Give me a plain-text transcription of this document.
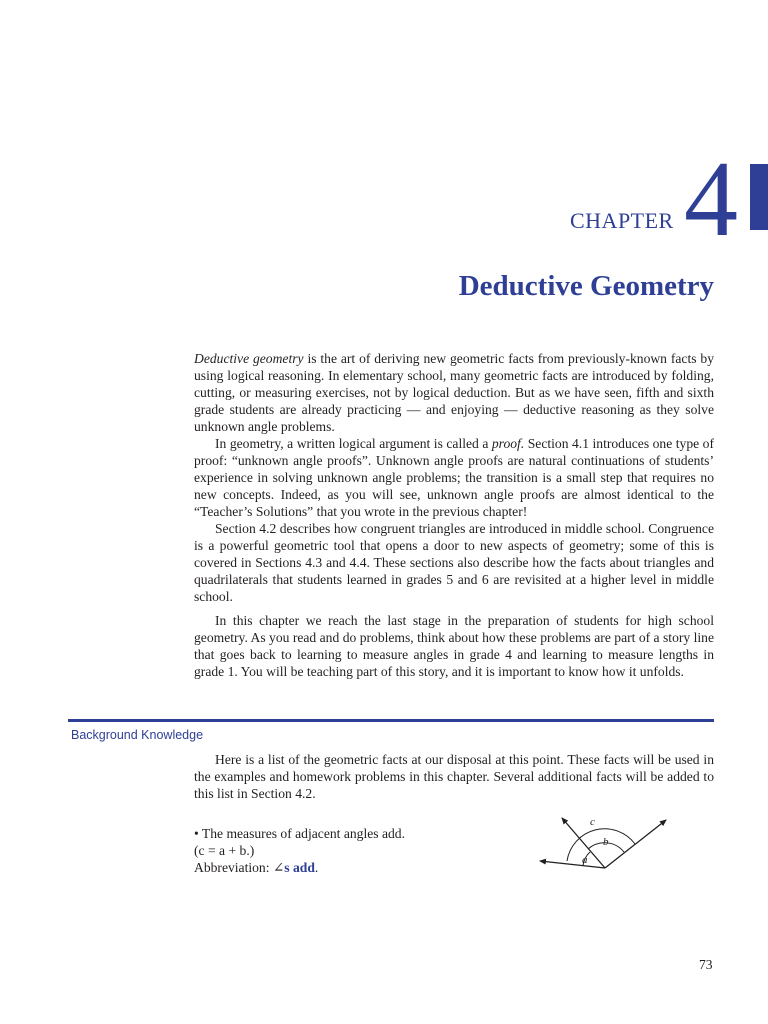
CHAPTER 4
Deductive Geometry

Deductive geometry is the art of deriving new geometric facts from previously-known facts by using logical reasoning. In elementary school, many geometric facts are introduced by folding, cutting, or measuring exercises, not by logical deduction. But as we have seen, fifth and sixth grade students are already practicing — and enjoying — deductive reasoning as they solve unknown angle problems.

In geometry, a written logical argument is called a proof. Section 4.1 introduces one type of proof: “unknown angle proofs”. Unknown angle proofs are natural continuations of students’ experience in solving unknown angle problems; the transition is a small step that requires no new concepts. Indeed, as you will see, unknown angle proofs are almost identical to the “Teacher’s Solutions” that you wrote in the previous chapter!

Section 4.2 describes how congruent triangles are introduced in middle school. Congruence is a powerful geometric tool that opens a door to new aspects of geometry; some of this is covered in Sections 4.3 and 4.4. These sections also describe how the facts about triangles and quadrilaterals that students learned in grades 5 and 6 are revisited at a higher level in middle school.

In this chapter we reach the last stage in the preparation of students for high school geometry. As you read and do problems, think about how these problems are part of a story line that goes back to learning to measure angles in grade 4 and learning to measure lengths in grade 1. You will be teaching part of this story, and it is important to know how it unfolds.

Background Knowledge

Here is a list of the geometric facts at our disposal at this point. These facts will be used in the examples and homework problems in this chapter. Several additional facts will be added to this list in Section 4.2.

• The measures of adjacent angles add.
(c = a + b.)
Abbreviation: ∠s add.	a
b
c
73
